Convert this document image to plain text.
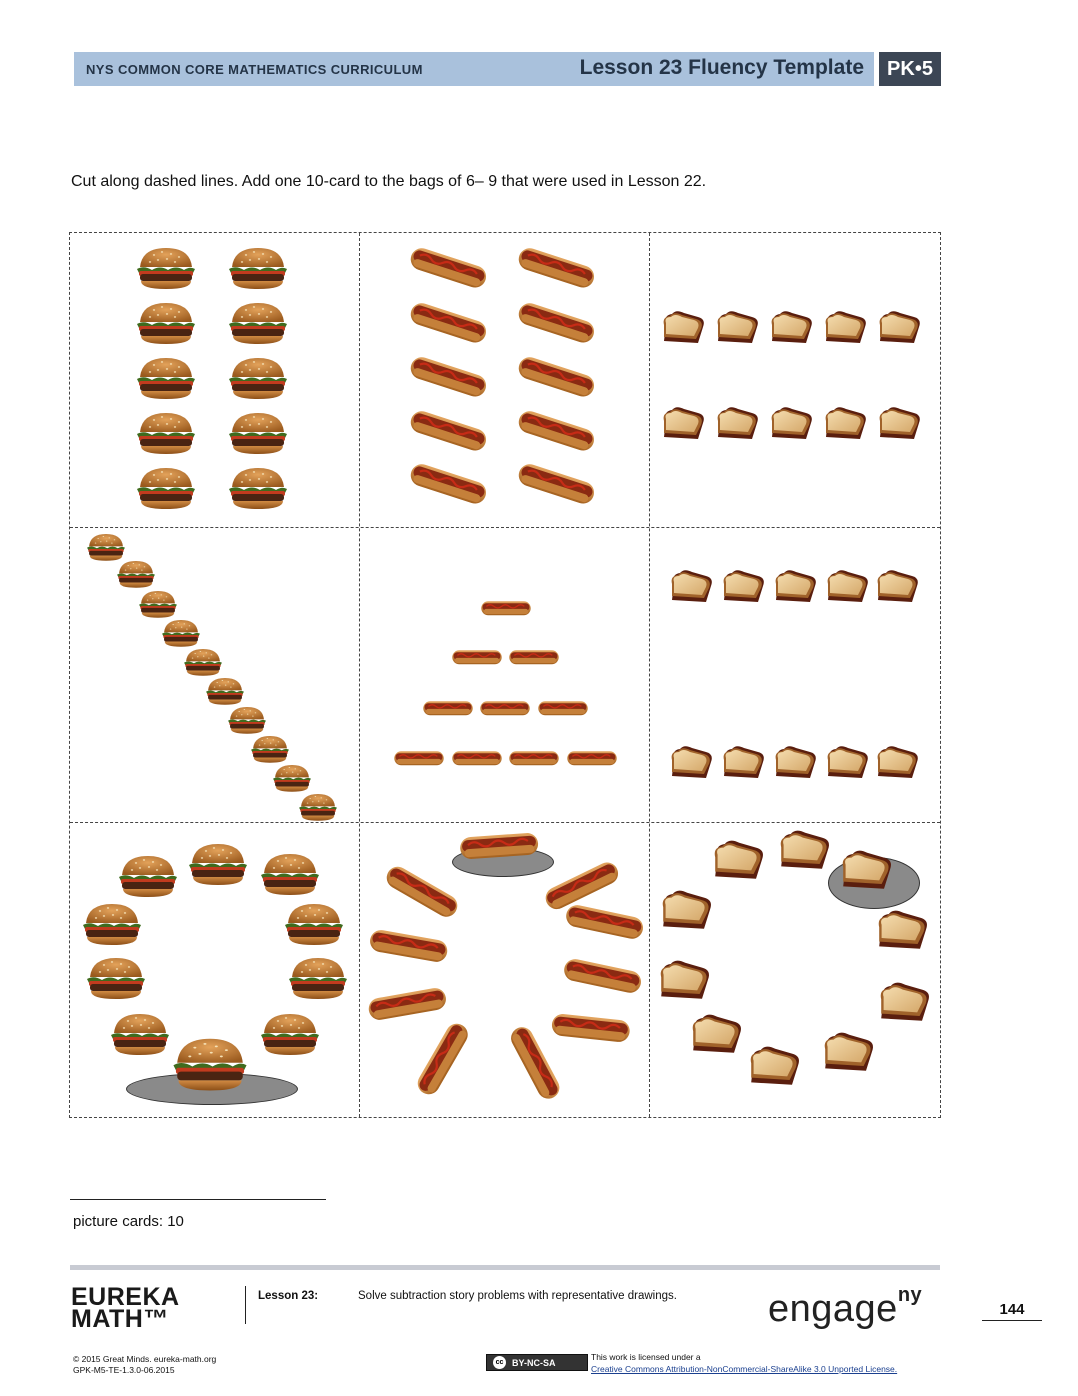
NYS COMMON CORE MATHEMATICS CURRICULUM	Lesson 23 Fluency Template	PK•5
Cut along dashed lines. Add one 10-card to the bags of 6– 9 that were used in Lesson 22.
picture cards: 10
EUREKA
MATH™
Lesson 23:	Solve subtraction story problems with representative drawings. engage$^{ny}$
144
© 2015 Great Minds. eureka-math.org
GPK-M5-TE-1.3.0-06.2015
cc BY-NC-SA
This work is licensed under a
Creative Commons Attribution-NonCommercial-ShareAlike 3.0 Unported License.
